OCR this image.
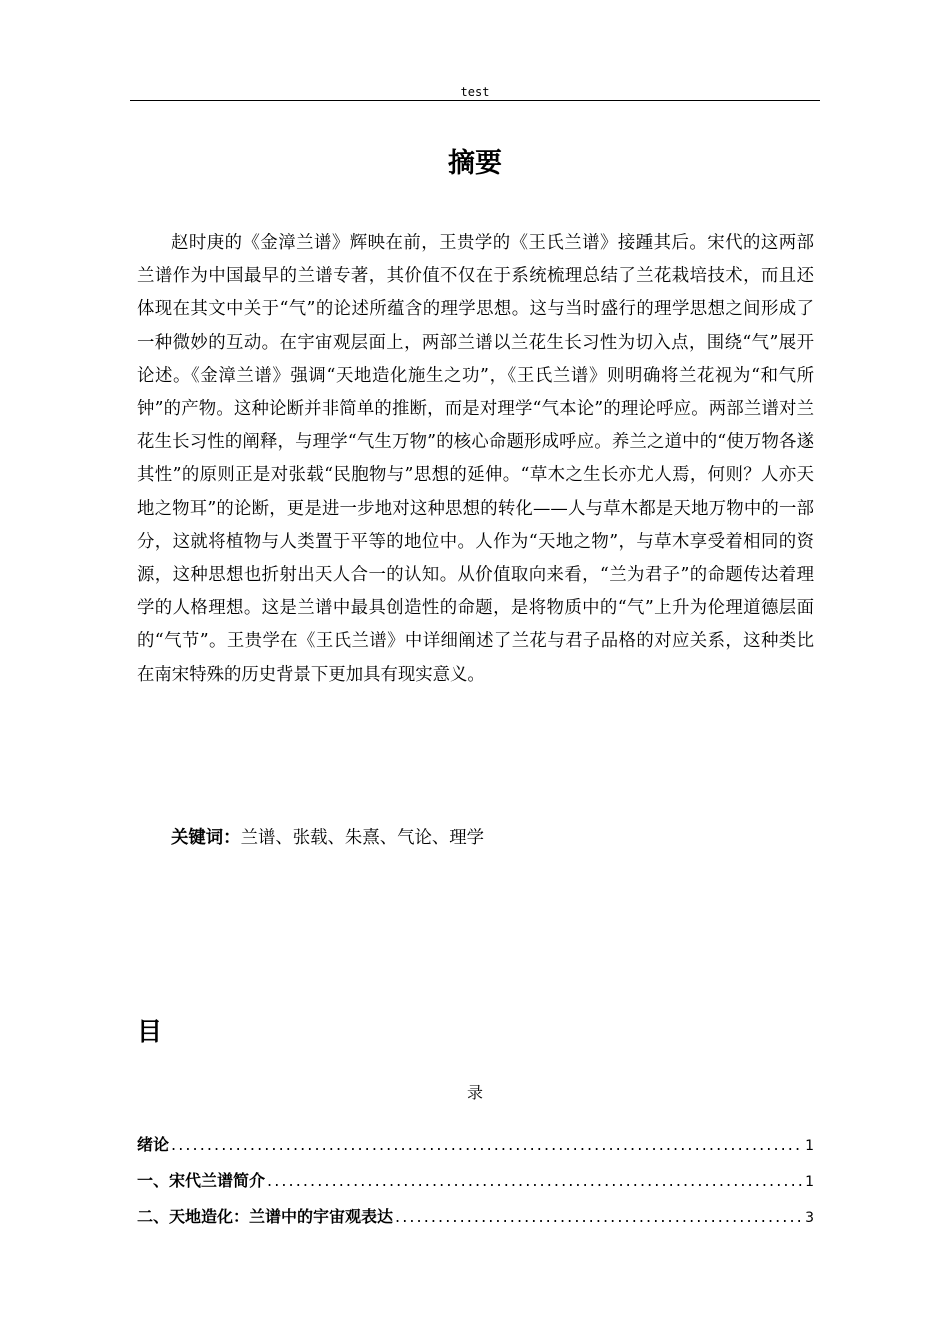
test
摘要

赵时庚的《金漳兰谱》辉映在前，王贵学的《王氏兰谱》接踵其后。宋代的这两部兰谱作为中国最早的兰谱专著，其价值不仅在于系统梳理总结了兰花栽培技术，而且还体现在其文中关于“气”的论述所蕴含的理学思想。这与当时盛行的理学思想之间形成了一种微妙的互动。在宇宙观层面上，两部兰谱以兰花生长习性为切入点，围绕“气”展开论述。《金漳兰谱》强调“天地造化施生之功”，《王氏兰谱》则明确将兰花视为“和气所钟”的产物。这种论断并非简单的推断，而是对理学“气本论”的理论呼应。两部兰谱对兰花生长习性的阐释，与理学“气生万物”的核心命题形成呼应。养兰之道中的“使万物各遂其性”的原则正是对张载“民胞物与”思想的延伸。“草木之生长亦尤人焉，何则？人亦天地之物耳”的论断，更是进一步地对这种思想的转化——人与草木都是天地万物中的一部分，这就将植物与人类置于平等的地位中。人作为“天地之物”，与草木享受着相同的资源，这种思想也折射出天人合一的认知。从价值取向来看，“兰为君子”的命题传达着理学的人格理想。这是兰谱中最具创造性的命题，是将物质中的“气”上升为伦理道德层面的“气节”。王贵学在《王氏兰谱》中详细阐述了兰花与君子品格的对应关系，这种类比在南宋特殊的历史背景下更加具有现实意义。

关键词：兰谱、张载、朱熹、气论、理学
目
录
绪论 . . .	1
一、宋代兰谱简介 . . .	1
二、天地造化：兰谱中的宇宙观表达 . . .	3
